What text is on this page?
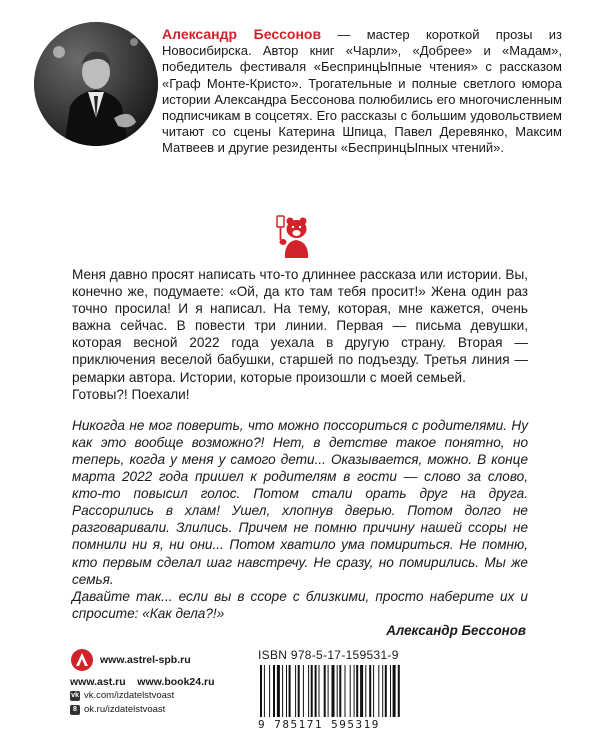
Александр Бессонов — мастер короткой прозы из Новосибирска. Автор книг «Чарли», «Добрее» и «Мадам», победитель фестиваля «БеспринцЫпные чтения» с рассказом «Граф Монте-Кристо». Трогательные и полные светлого юмора истории Александра Бессонова полюбились его многочисленным подписчикам в соцсетях. Его рассказы с большим удовольствием читают со сцены Катерина Шпица, Павел Деревянко, Максим Матвеев и другие резиденты «БеспринцЫпных чтений».

Меня давно просят написать что-то длиннее рассказа или истории. Вы, конечно же, подумаете: «Ой, да кто там тебя просит!» Жена один раз точно просила! И я написал. На тему, которая, мне кажется, очень важна сейчас. В повести три линии. Первая — письма девушки, которая весной 2022 года уехала в другую страну. Вторая — приключения веселой бабушки, старшей по подъезду. Третья линия — ремарки автора. Истории, которые произошли с моей семьей.

Готовы?! Поехали!

Никогда не мог поверить, что можно поссориться с родителями. Ну как это вообще возможно?! Нет, в детстве такое понятно, но теперь, когда у меня у самого дети... Оказывается, можно. В конце марта 2022 года пришел к родителям в гости — слово за слово, кто-то повысил голос. Потом стали орать друг на друга. Рассорились в хлам! Ушел, хлопнув дверью. Потом долго не разговаривали. Злились. Причем не помню причину нашей ссоры не помнили ни я, ни они... Потом хватило ума помириться. Не помню, кто первым сделал шаг навстречу. Не сразу, но помирились. Мы же семья.

Давайте так... если вы в ссоре с близкими, просто наберите их и спросите: «Как дела?!»

Александр Бессонов
www.astrel-spb.ru
www.ast.ru www.book24.ru
vk vk.com/izdatelstvoast
8 ok.ru/izdatelstvoast
ISBN 978-5-17-159531-9
9 785171 595319
